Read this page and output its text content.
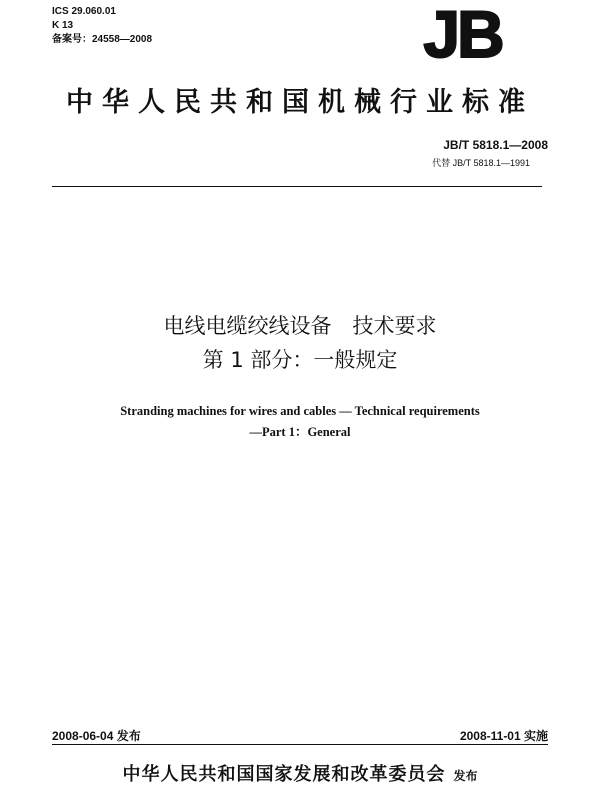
ICS 29.060.01
K 13
备案号：24558—2008	JB
中华人民共和国机械行业标准
JB/T 5818.1—2008
代替 JB/T 5818.1—1991
电线电缆绞线设备　技术要求
第 1 部分：一般规定
Stranding machines for wires and cables — Technical requirements
—Part 1：General
2008-06-04 发布	2008-11-01 实施
中华人民共和国国家发展和改革委员会 发布
